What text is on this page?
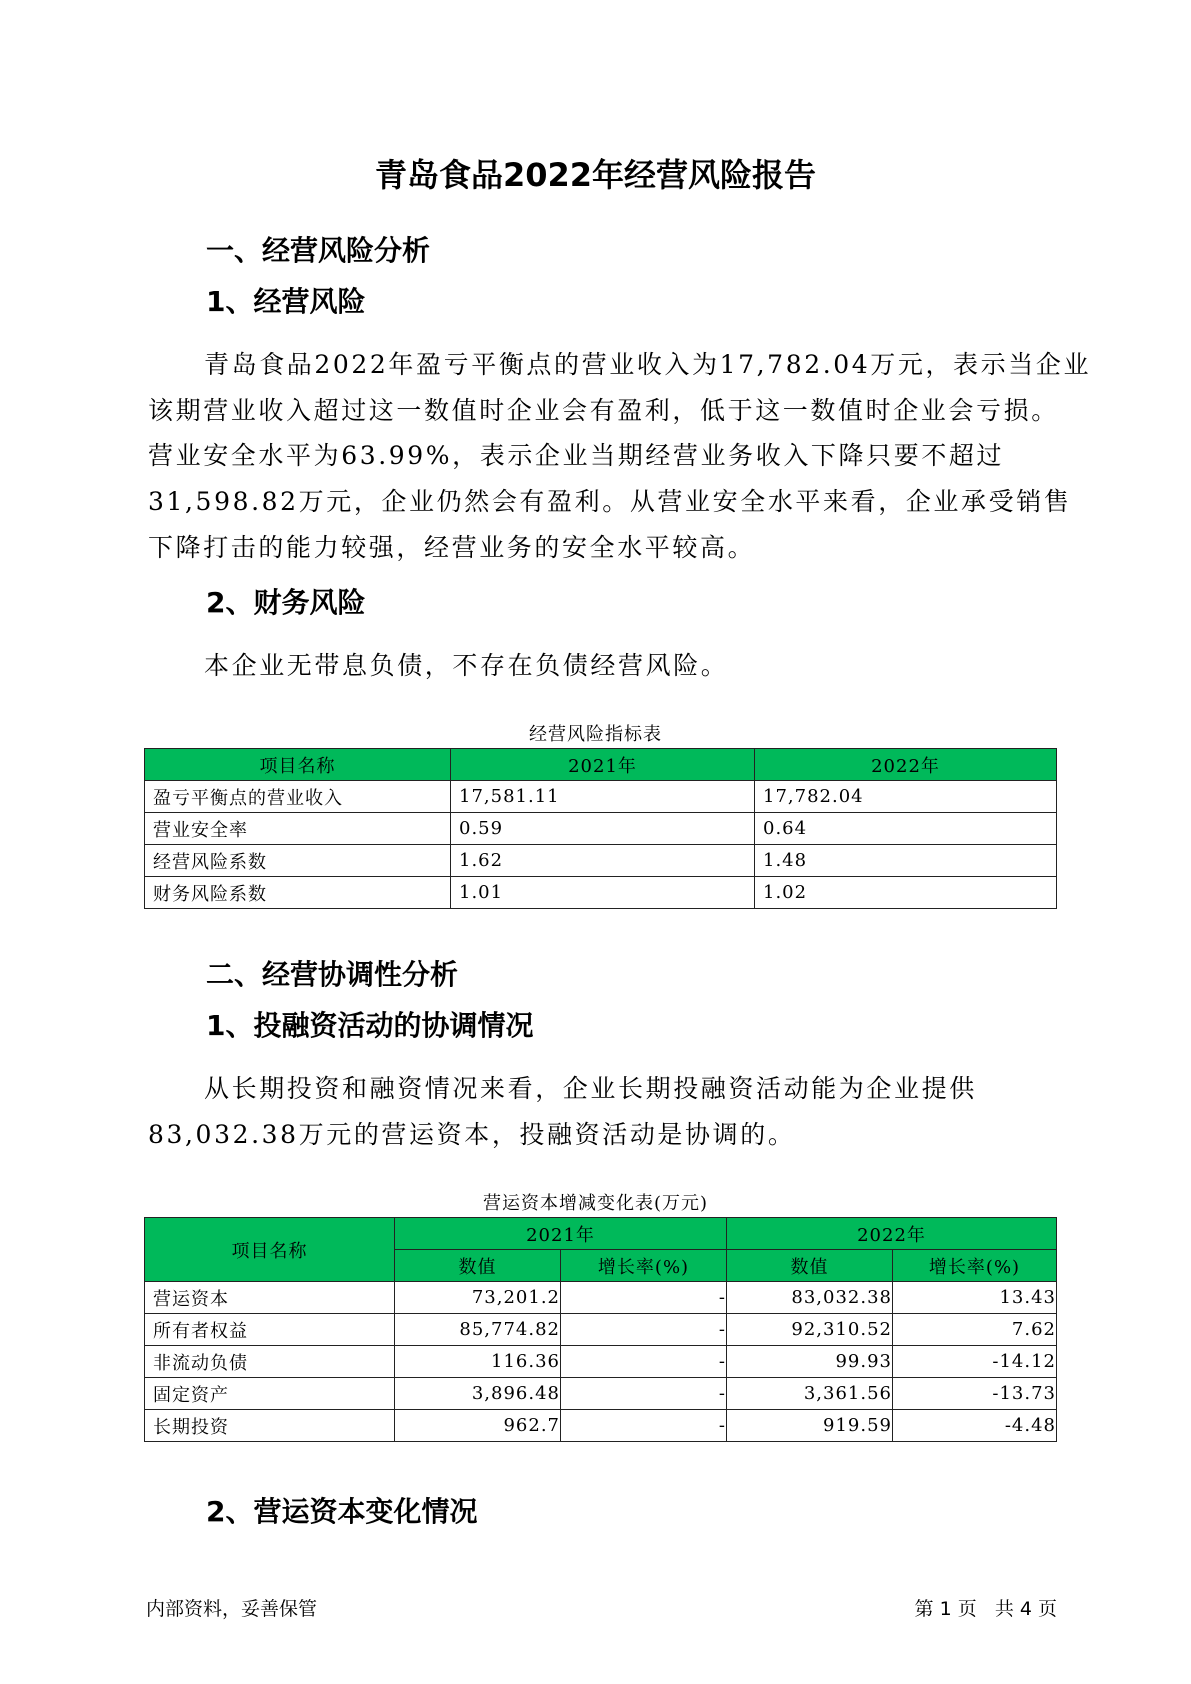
青岛食品2022年经营风险报告
一、经营风险分析
1、经营风险
青岛食品2022年盈亏平衡点的营业收入为17,782.04万元，表示当企业
该期营业收入超过这一数值时企业会有盈利，低于这一数值时企业会亏损。
营业安全水平为63.99%，表示企业当期经营业务收入下降只要不超过
31,598.82万元，企业仍然会有盈利。从营业安全水平来看，企业承受销售
下降打击的能力较强，经营业务的安全水平较高。
2、财务风险
本企业无带息负债，不存在负债经营风险。
经营风险指标表
项目名称	2021年	2022年
盈亏平衡点的营业收入	17,581.11	17,782.04
营业安全率	0.59	0.64
经营风险系数	1.62	1.48
财务风险系数	1.01	1.02
二、经营协调性分析
1、投融资活动的协调情况
从长期投资和融资情况来看，企业长期投融资活动能为企业提供
83,032.38万元的营运资本，投融资活动是协调的。
营运资本增减变化表(万元)
项目名称	2021年		2022年	
	数值	增长率(%)	数值	增长率(%)
营运资本	73,201.2	-	83,032.38	13.43
所有者权益	85,774.82	-	92,310.52	7.62
非流动负债	116.36	-	99.93	-14.12
固定资产	3,896.48	-	3,361.56	-13.73
长期投资	962.7	-	919.59	-4.48
2、营运资本变化情况
内部资料，妥善保管	第 1 页   共 4 页
